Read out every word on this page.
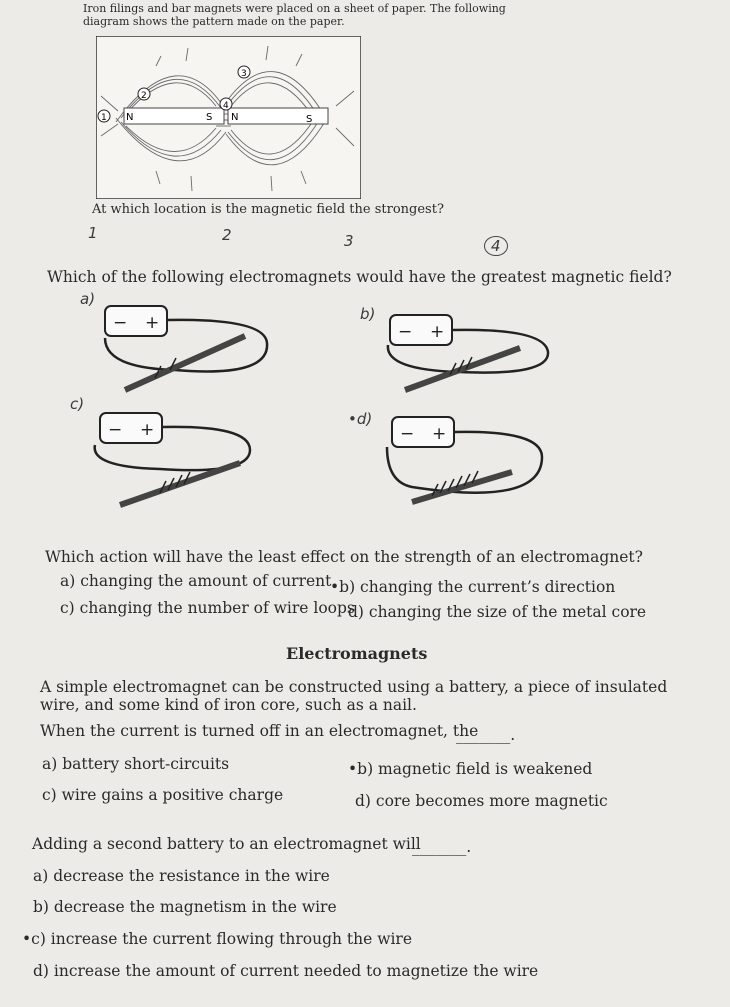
Iron filings and bar magnets were placed on a sheet of paper. The following
diagram shows the pattern made on the paper.
N	S N	S
1
2
3
4
At which location is the magnetic field the strongest?
1	2	3	4
Which of the following electromagnets would have the greatest magnetic field?
a)
− +	b)
− +
c)
− +
•d)
− +
Which action will have the least effect on the strength of an electromagnet?
a) changing the amount of current
•b) changing the current’s direction
c) changing the number of wire loops
d) changing the size of the metal core
Electromagnets
A simple electromagnet can be constructed using a battery, a piece of insulated
wire, and some kind of iron core, such as a nail.
When the current is turned off in an electromagnet, the
_______.
a) battery short-circuits	•b) magnetic field is weakened
c) wire gains a positive charge	d) core becomes more magnetic
Adding a second battery to an electromagnet will
_______.
a) decrease the resistance in the wire
b) decrease the magnetism in the wire
•c) increase the current flowing through the wire
d) increase the amount of current needed to magnetize the wire
